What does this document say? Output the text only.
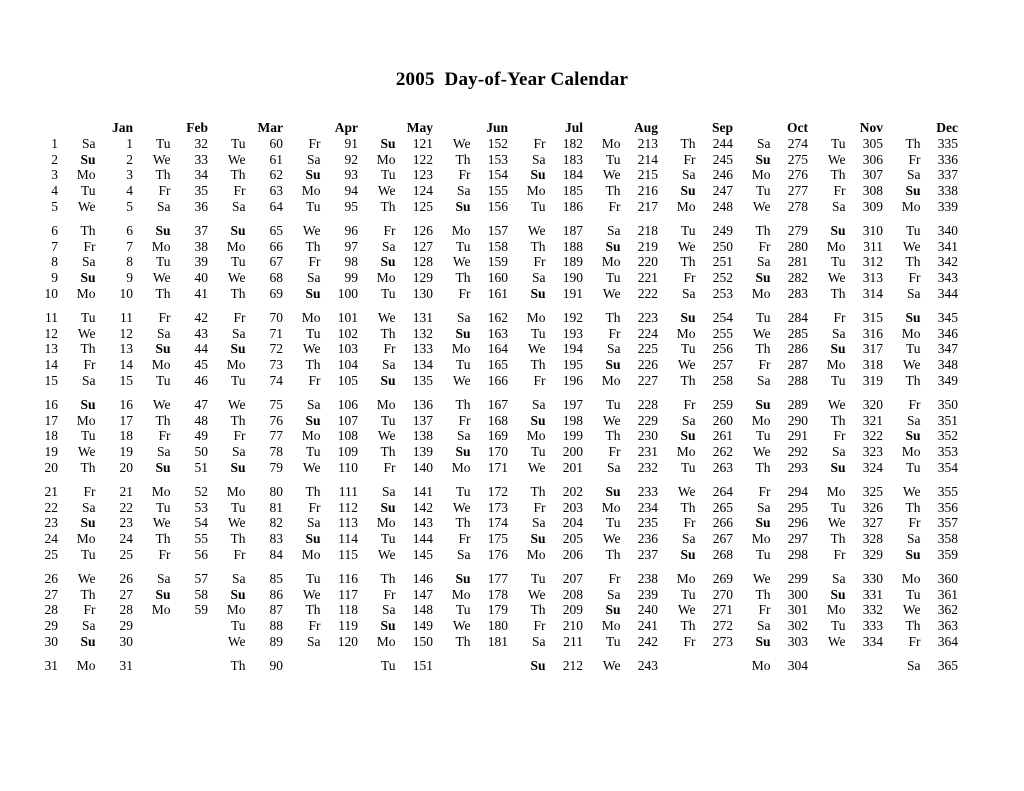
2005  Day-of-Year Calendar
	Jan		Feb		Mar		Apr		May		Jun		Jul		Aug		Sep		Oct		Nov		Dec	
1	Sa	1	Tu	32	Tu	60	Fr	91	Su	121	We	152	Fr	182	Mo	213	Th	244	Sa	274	Tu	305	Th	335
2	Su	2	We	33	We	61	Sa	92	Mo	122	Th	153	Sa	183	Tu	214	Fr	245	Su	275	We	306	Fr	336
3	Mo	3	Th	34	Th	62	Su	93	Tu	123	Fr	154	Su	184	We	215	Sa	246	Mo	276	Th	307	Sa	337
4	Tu	4	Fr	35	Fr	63	Mo	94	We	124	Sa	155	Mo	185	Th	216	Su	247	Tu	277	Fr	308	Su	338
5	We	5	Sa	36	Sa	64	Tu	95	Th	125	Su	156	Tu	186	Fr	217	Mo	248	We	278	Sa	309	Mo	339
6	Th	6	Su	37	Su	65	We	96	Fr	126	Mo	157	We	187	Sa	218	Tu	249	Th	279	Su	310	Tu	340
7	Fr	7	Mo	38	Mo	66	Th	97	Sa	127	Tu	158	Th	188	Su	219	We	250	Fr	280	Mo	311	We	341
8	Sa	8	Tu	39	Tu	67	Fr	98	Su	128	We	159	Fr	189	Mo	220	Th	251	Sa	281	Tu	312	Th	342
9	Su	9	We	40	We	68	Sa	99	Mo	129	Th	160	Sa	190	Tu	221	Fr	252	Su	282	We	313	Fr	343
10	Mo	10	Th	41	Th	69	Su	100	Tu	130	Fr	161	Su	191	We	222	Sa	253	Mo	283	Th	314	Sa	344
11	Tu	11	Fr	42	Fr	70	Mo	101	We	131	Sa	162	Mo	192	Th	223	Su	254	Tu	284	Fr	315	Su	345
12	We	12	Sa	43	Sa	71	Tu	102	Th	132	Su	163	Tu	193	Fr	224	Mo	255	We	285	Sa	316	Mo	346
13	Th	13	Su	44	Su	72	We	103	Fr	133	Mo	164	We	194	Sa	225	Tu	256	Th	286	Su	317	Tu	347
14	Fr	14	Mo	45	Mo	73	Th	104	Sa	134	Tu	165	Th	195	Su	226	We	257	Fr	287	Mo	318	We	348
15	Sa	15	Tu	46	Tu	74	Fr	105	Su	135	We	166	Fr	196	Mo	227	Th	258	Sa	288	Tu	319	Th	349
16	Su	16	We	47	We	75	Sa	106	Mo	136	Th	167	Sa	197	Tu	228	Fr	259	Su	289	We	320	Fr	350
17	Mo	17	Th	48	Th	76	Su	107	Tu	137	Fr	168	Su	198	We	229	Sa	260	Mo	290	Th	321	Sa	351
18	Tu	18	Fr	49	Fr	77	Mo	108	We	138	Sa	169	Mo	199	Th	230	Su	261	Tu	291	Fr	322	Su	352
19	We	19	Sa	50	Sa	78	Tu	109	Th	139	Su	170	Tu	200	Fr	231	Mo	262	We	292	Sa	323	Mo	353
20	Th	20	Su	51	Su	79	We	110	Fr	140	Mo	171	We	201	Sa	232	Tu	263	Th	293	Su	324	Tu	354
21	Fr	21	Mo	52	Mo	80	Th	111	Sa	141	Tu	172	Th	202	Su	233	We	264	Fr	294	Mo	325	We	355
22	Sa	22	Tu	53	Tu	81	Fr	112	Su	142	We	173	Fr	203	Mo	234	Th	265	Sa	295	Tu	326	Th	356
23	Su	23	We	54	We	82	Sa	113	Mo	143	Th	174	Sa	204	Tu	235	Fr	266	Su	296	We	327	Fr	357
24	Mo	24	Th	55	Th	83	Su	114	Tu	144	Fr	175	Su	205	We	236	Sa	267	Mo	297	Th	328	Sa	358
25	Tu	25	Fr	56	Fr	84	Mo	115	We	145	Sa	176	Mo	206	Th	237	Su	268	Tu	298	Fr	329	Su	359
26	We	26	Sa	57	Sa	85	Tu	116	Th	146	Su	177	Tu	207	Fr	238	Mo	269	We	299	Sa	330	Mo	360
27	Th	27	Su	58	Su	86	We	117	Fr	147	Mo	178	We	208	Sa	239	Tu	270	Th	300	Su	331	Tu	361
28	Fr	28	Mo	59	Mo	87	Th	118	Sa	148	Tu	179	Th	209	Su	240	We	271	Fr	301	Mo	332	We	362
29	Sa	29			Tu	88	Fr	119	Su	149	We	180	Fr	210	Mo	241	Th	272	Sa	302	Tu	333	Th	363
30	Su	30			We	89	Sa	120	Mo	150	Th	181	Sa	211	Tu	242	Fr	273	Su	303	We	334	Fr	364
31	Mo	31			Th	90			Tu	151			Su	212	We	243			Mo	304			Sa	365
